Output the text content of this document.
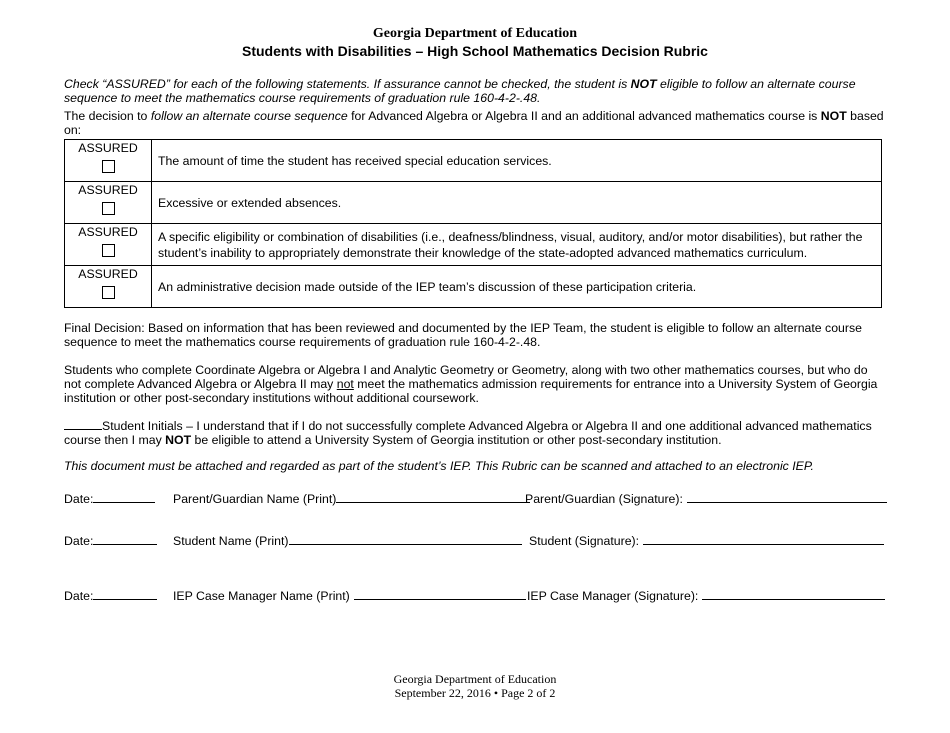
Georgia Department of Education
Students with Disabilities – High School Mathematics Decision Rubric
Check “ASSURED” for each of the following statements. If assurance cannot be checked, the student is NOT eligible to follow an alternate course sequence to meet the mathematics course requirements of graduation rule 160-4-2-.48.
The decision to follow an alternate course sequence for Advanced Algebra or Algebra II and an additional advanced mathematics course is NOT based on:
ASSURED	The amount of time the student has received special education services.

ASSURED	Excessive or extended absences.

ASSURED	A specific eligibility or combination of disabilities (i.e., deafness/blindness, visual, auditory, and/or motor disabilities), but rather the student’s inability to appropriately demonstrate their knowledge of the state-adopted advanced mathematics curriculum.

ASSURED	An administrative decision made outside of the IEP team’s discussion of these participation criteria.
Final Decision: Based on information that has been reviewed and documented by the IEP Team, the student is eligible to follow an alternate course sequence to meet the mathematics course requirements of graduation rule 160-4-2-.48.
Students who complete Coordinate Algebra or Algebra I and Analytic Geometry or Geometry, along with two other mathematics courses, but who do not complete Advanced Algebra or Algebra II may not meet the mathematics admission requirements for entrance into a University System of Georgia institution or other post-secondary institutions without additional coursework.
Student Initials – I understand that if I do not successfully complete Advanced Algebra or Algebra II and one additional advanced mathematics course then I may NOT be eligible to attend a University System of Georgia institution or other post-secondary institution.
This document must be attached and regarded as part of the student’s IEP. This Rubric can be scanned and attached to an electronic IEP.
Date:	Parent/Guardian Name (Print)	Parent/Guardian (Signature):
Date:	Student Name (Print)	Student (Signature):
Date:	IEP Case Manager Name (Print)	IEP Case Manager (Signature):
Georgia Department of Education
September 22, 2016 • Page 2 of 2
